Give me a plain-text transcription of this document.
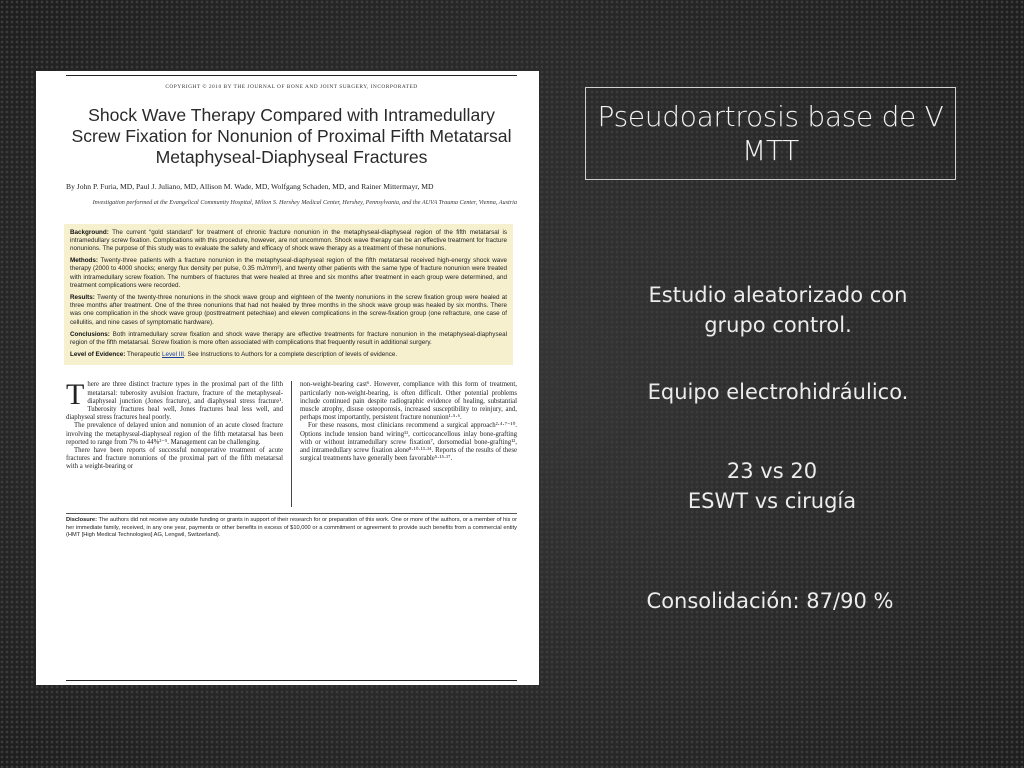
COPYRIGHT © 2010 BY THE JOURNAL OF BONE AND JOINT SURGERY, INCORPORATED
Shock Wave Therapy Compared with Intramedullary Screw Fixation for Nonunion of Proximal Fifth Metatarsal Metaphyseal-Diaphyseal Fractures
By John P. Furia, MD, Paul J. Juliano, MD, Allison M. Wade, MD, Wolfgang Schaden, MD, and Rainer Mittermayr, MD
Investigation performed at the Evangelical Community Hospital, Milton S. Hershey Medical Center, Hershey, Pennsylvania, and the AUVA Trauma Center, Vienna, Austria

Background: The current “gold standard” for treatment of chronic fracture nonunion in the metaphyseal-diaphyseal region of the fifth metatarsal is intramedullary screw fixation. Complications with this procedure, however, are not uncommon. Shock wave therapy can be an effective treatment for fracture nonunions. The purpose of this study was to evaluate the safety and efficacy of shock wave therapy as a treatment of these nonunions.

Methods: Twenty-three patients with a fracture nonunion in the metaphyseal-diaphyseal region of the fifth metatarsal received high-energy shock wave therapy (2000 to 4000 shocks; energy flux density per pulse, 0.35 mJ/mm²), and twenty other patients with the same type of fracture nonunion were treated with intramedullary screw fixation. The numbers of fractures that were healed at three and six months after treatment in each group were determined, and treatment complications were recorded.

Results: Twenty of the twenty-three nonunions in the shock wave group and eighteen of the twenty nonunions in the screw fixation group were healed at three months after treatment. One of the three nonunions that had not healed by three months in the shock wave group was healed by six months. There was one complication in the shock wave group (posttreatment petechiae) and eleven complications in the screw-fixation group (one refracture, one case of cellulitis, and nine cases of symptomatic hardware).

Conclusions: Both intramedullary screw fixation and shock wave therapy are effective treatments for fracture nonunion in the metaphyseal-diaphyseal region of the fifth metatarsal. Screw fixation is more often associated with complications that frequently result in additional surgery.

Level of Evidence: Therapeutic Level III. See Instructions to Authors for a complete description of levels of evidence.

There are three distinct fracture types in the proximal part of the fifth metatarsal: tuberosity avulsion fracture, fracture of the metaphyseal-diaphyseal junction (Jones fracture), and diaphyseal stress fracture¹. Tuberosity fractures heal well, Jones fractures heal less well, and diaphyseal stress fractures heal poorly.

The prevalence of delayed union and nonunion of an acute closed fracture involving the metaphyseal-diaphyseal region of the fifth metatarsal has been reported to range from 7% to 44%²⁻⁵. Management can be challenging.

There have been reports of successful nonoperative treatment of acute fractures and fracture nonunions of the proximal part of the fifth metatarsal with a weight-bearing or

non-weight-bearing cast⁶. However, compliance with this form of treatment, particularly non-weight-bearing, is often difficult. Other potential problems include continued pain despite radiographic evidence of healing, substantial muscle atrophy, disuse osteoporosis, increased susceptibility to reinjury, and, perhaps most importantly, persistent fracture nonunion¹·⁵·⁶.

For these reasons, most clinicians recommend a surgical approach²·⁴·⁷⁻¹⁰. Options include tension band wiring¹¹, corticocancellous inlay bone-grafting with or without intramedullary screw fixation⁷, dorsomedial bone-grafting¹², and intramedullary screw fixation alone⁸·¹⁰·¹³·¹⁴. Reports of the results of these surgical treatments have generally been favorable⁵·¹⁵·¹⁷.

Disclosure: The authors did not receive any outside funding or grants in support of their research for or preparation of this work. One or more of the authors, or a member of his or her immediate family, received, in any one year, payments or other benefits in excess of $10,000 or a commitment or agreement to provide such benefits from a commercial entity (HMT [High Medical Technologies] AG, Lengwil, Switzerland).
Pseudoartrosis base de V MTT
Estudio aleatorizado con
grupo control.
Equipo electrohidráulico.
23 vs 20
ESWT vs cirugía
Consolidación: 87/90 %
